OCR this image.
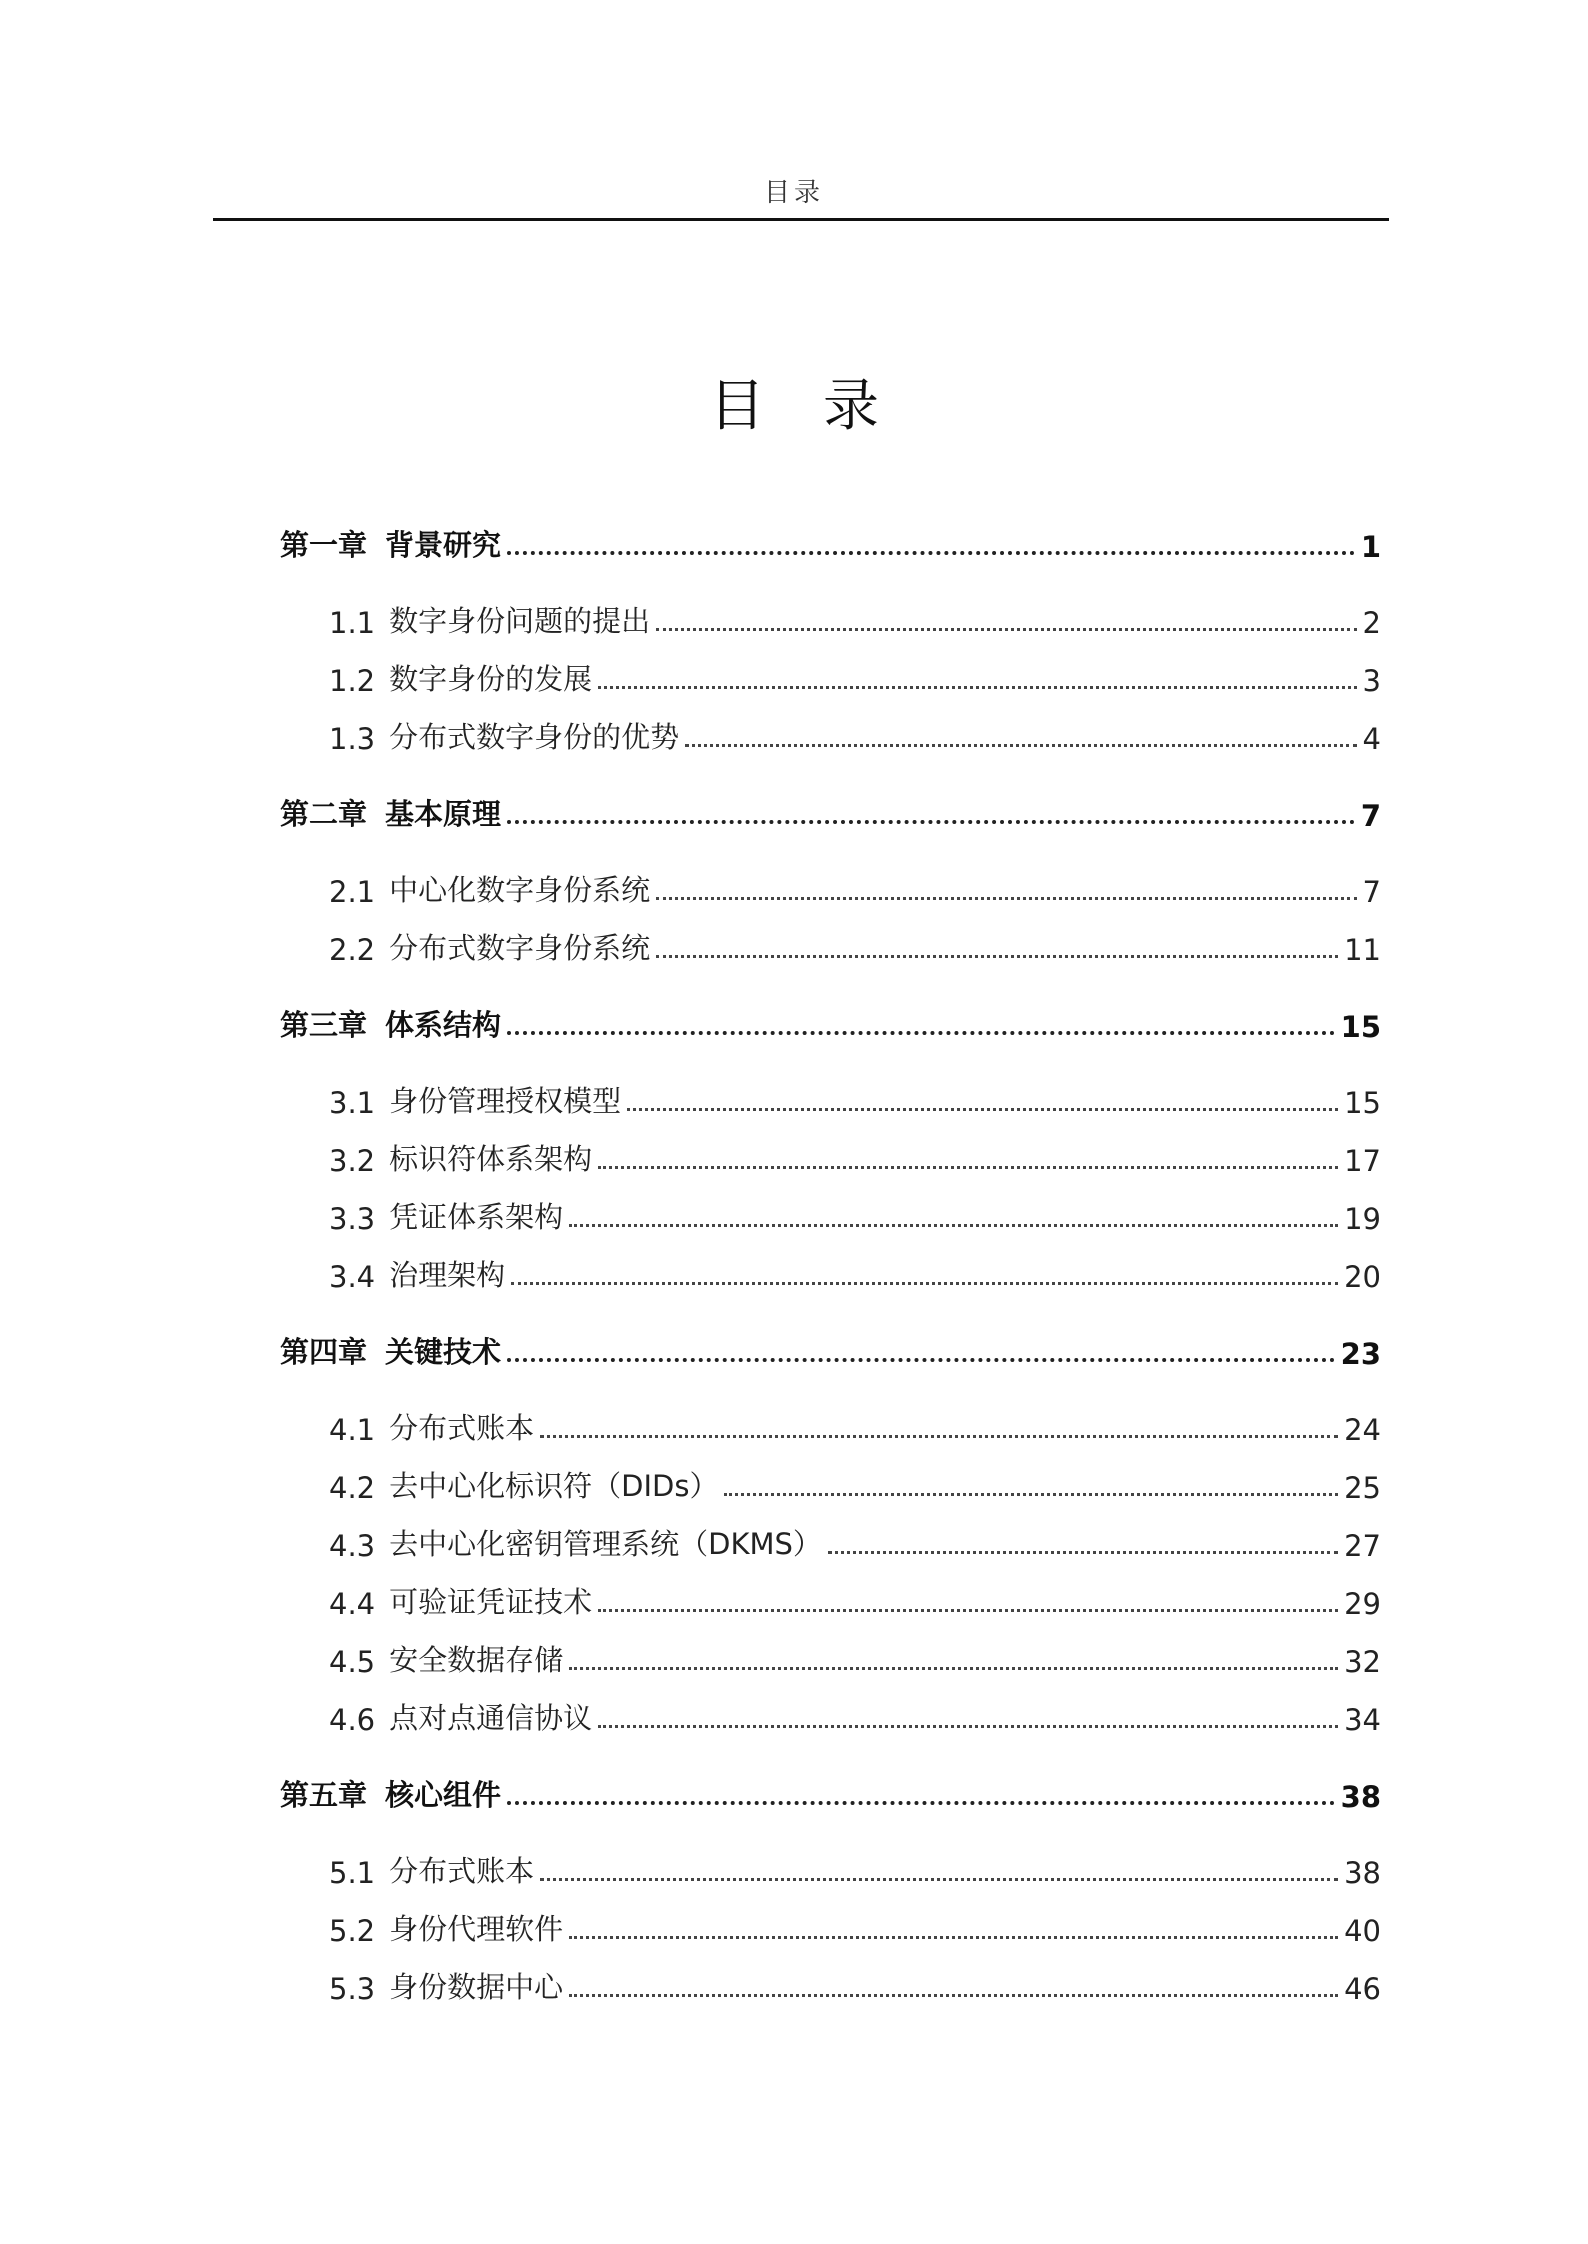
目录
目录
第一章 背景研究	1
1.1 数字身份问题的提出	2
1.2 数字身份的发展	3
1.3 分布式数字身份的优势	4
第二章 基本原理	7
2.1 中心化数字身份系统	7
2.2 分布式数字身份系统	11
第三章 体系结构	15
3.1 身份管理授权模型	15
3.2 标识符体系架构	17
3.3 凭证体系架构	19
3.4 治理架构	20
第四章 关键技术	23
4.1 分布式账本	24
4.2 去中心化标识符（DIDs）	25
4.3 去中心化密钥管理系统（DKMS）	27
4.4 可验证凭证技术	29
4.5 安全数据存储	32
4.6 点对点通信协议	34
第五章 核心组件	38
5.1 分布式账本	38
5.2 身份代理软件	40
5.3 身份数据中心	46
